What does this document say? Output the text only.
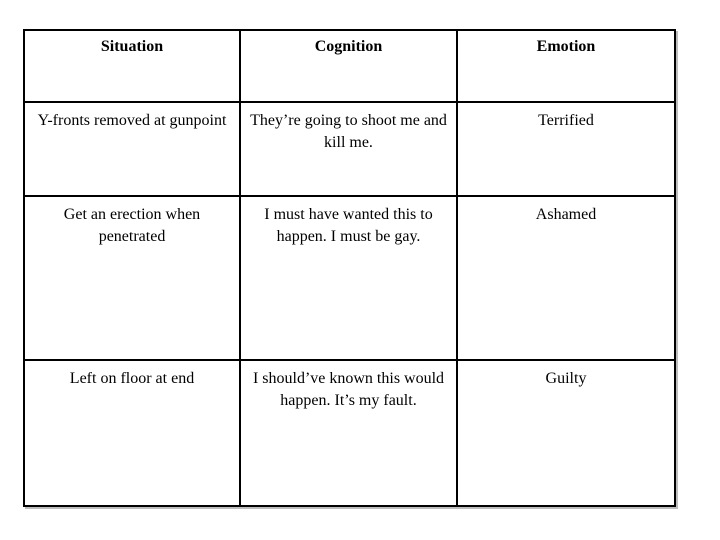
Situation	Cognition	Emotion
Y-fronts removed at gunpoint	They’re going to shoot me and kill me.	Terrified
Get an erection when penetrated	I must have wanted this to happen. I must be gay.	Ashamed
Left on floor at end	I should’ve known this would happen. It’s my fault.	Guilty
